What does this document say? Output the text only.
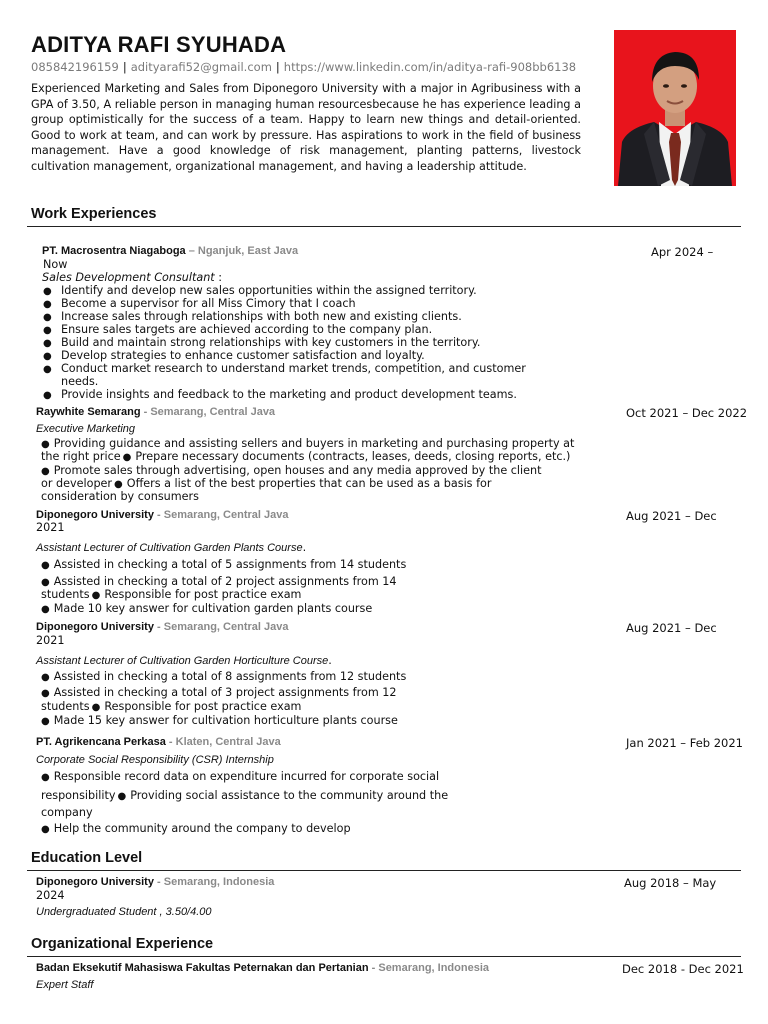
ADITYA RAFI SYUHADA
085842196159 | adityarafi52@gmail.com | https://www.linkedin.com/in/aditya-rafi-908bb6138

Experienced Marketing and Sales from Diponegoro University with a major in Agribusiness with a GPA of 3.50, A reliable person in managing human resourcesbecause he has experience leading a group optimistically for the success of a team. Happy to learn new things and detail-oriented. Good to work at team, and can work by pressure. Has aspirations to work in the field of business management. Have a good knowledge of risk management, planting patterns, livestock cultivation management, organizational management, and having a leadership attitude.

Work Experiences
PT. Macrosentra Niagaboga – Nganjuk, East Java	Apr 2024 –
Now
Sales Development Consultant :
● Identify and develop new sales opportunities within the assigned territory.
● Become a supervisor for all Miss Cimory that I coach
● Increase sales through relationships with both new and existing clients.
● Ensure sales targets are achieved according to the company plan.
● Build and maintain strong relationships with key customers in the territory.
● Develop strategies to enhance customer satisfaction and loyalty.
● Conduct market research to understand market trends, competition, and customer
needs.
● Provide insights and feedback to the marketing and product development teams.
Raywhite Semarang - Semarang, Central Java	Oct 2021 – Dec 2022
Executive Marketing
● Providing guidance and assisting sellers and buyers in marketing and purchasing property at
the right price ● Prepare necessary documents (contracts, leases, deeds, closing reports, etc.)
● Promote sales through advertising, open houses and any media approved by the client
or developer ● Offers a list of the best properties that can be used as a basis for
consideration by consumers
Diponegoro University - Semarang, Central Java	Aug 2021 – Dec
2021
Assistant Lecturer of Cultivation Garden Plants Course.
● Assisted in checking a total of 5 assignments from 14 students
● Assisted in checking a total of 2 project assignments from 14
students ● Responsible for post practice exam
● Made 10 key answer for cultivation garden plants course
Diponegoro University - Semarang, Central Java	Aug 2021 – Dec
2021
Assistant Lecturer of Cultivation Garden Horticulture Course.
● Assisted in checking a total of 8 assignments from 12 students
● Assisted in checking a total of 3 project assignments from 12
students ● Responsible for post practice exam
● Made 15 key answer for cultivation horticulture plants course
PT. Agrikencana Perkasa - Klaten, Central Java	Jan 2021 – Feb 2021
Corporate Social Responsibility (CSR) Internship
● Responsible record data on expenditure incurred for corporate social
responsibility ● Providing social assistance to the community around the
company
● Help the community around the company to develop
Education Level
Diponegoro University - Semarang, Indonesia	Aug 2018 – May
2024
Undergraduated Student , 3.50/4.00
Organizational Experience
Badan Eksekutif Mahasiswa Fakultas Peternakan dan Pertanian - Semarang, Indonesia	Dec 2018 - Dec 2021
Expert Staff
